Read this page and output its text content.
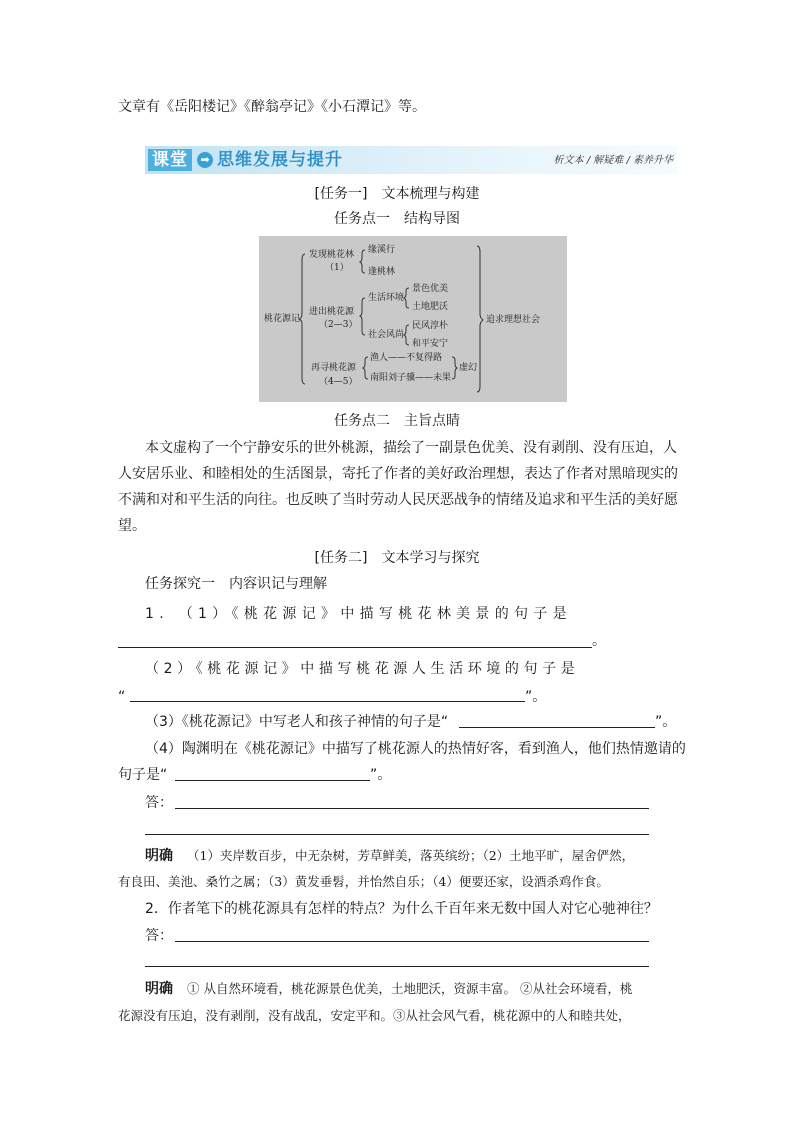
文章有《岳阳楼记》《醉翁亭记》《小石潭记》等。
课堂	➡ 思维发展与提升	析文本 / 解疑难 / 素养升华
[任务一]　文本梳理与构建
任务点一　结构导图
桃花源记
发现桃花林
（1）
缘溪行
逢桃林
进出桃花源
（2—3）
生活环境
景色优美
土地肥沃
社会风尚
民风淳朴
和平安宁
再寻桃花源
（4—5）
渔人——不复得路
南阳刘子骥——未果
虚幻
追求理想社会
任务点二　主旨点睛
本文虚构了一个宁静安乐的世外桃源，描绘了一副景色优美、没有剥削、没有压迫，人
人安居乐业、和睦相处的生活图景，寄托了作者的美好政治理想，表达了作者对黑暗现实的
不满和对和平生活的向往。也反映了当时劳动人民厌恶战争的情绪及追求和平生活的美好愿
望。
[任务二]　文本学习与探究
任务探究一　内容识记与理解
1. （1）《桃花源记》中描写桃花林美景的句子是
。
（2）《桃花源记》中描写桃花源人生活环境的句子是
“	”。
（3）《桃花源记》中写老人和孩子神情的句子是“	”。
（4）陶渊明在《桃花源记》中描写了桃花源人的热情好客，看到渔人，他们热情邀请的
句子是“	”。
答：
明确 （1）夹岸数百步，中无杂树，芳草鲜美，落英缤纷；（2）土地平旷，屋舍俨然，
有良田、美池、桑竹之属；（3）黄发垂髫，并怡然自乐；（4）便要还家，设酒杀鸡作食。
2．作者笔下的桃花源具有怎样的特点？为什么千百年来无数中国人对它心驰神往？
答：
明确 ① 从自然环境看，桃花源景色优美，土地肥沃，资源丰富。 ②从社会环境看，桃
花源没有压迫，没有剥削，没有战乱，安定平和。③从社会风气看，桃花源中的人和睦共处，
